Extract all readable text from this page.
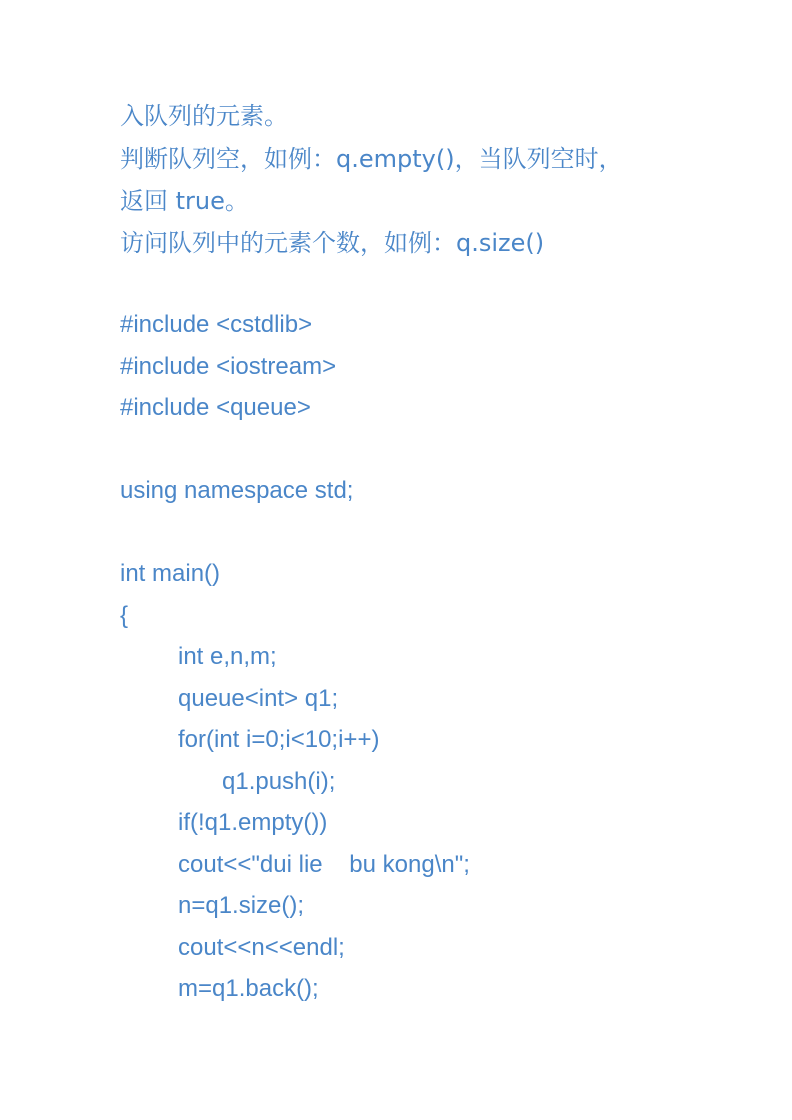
入队列的元素。
判断队列空，如例：q.empty()，当队列空时，
返回 true。
访问队列中的元素个数，如例：q.size()
#include <cstdlib>
#include <iostream>
#include <queue>
using namespace std;
int main()
{
int e,n,m;
queue<int> q1;
for(int i=0;i<10;i++)
q1.push(i);
if(!q1.empty())
cout<<"dui lie    bu kong\n";
n=q1.size();
cout<<n<<endl;
m=q1.back();
